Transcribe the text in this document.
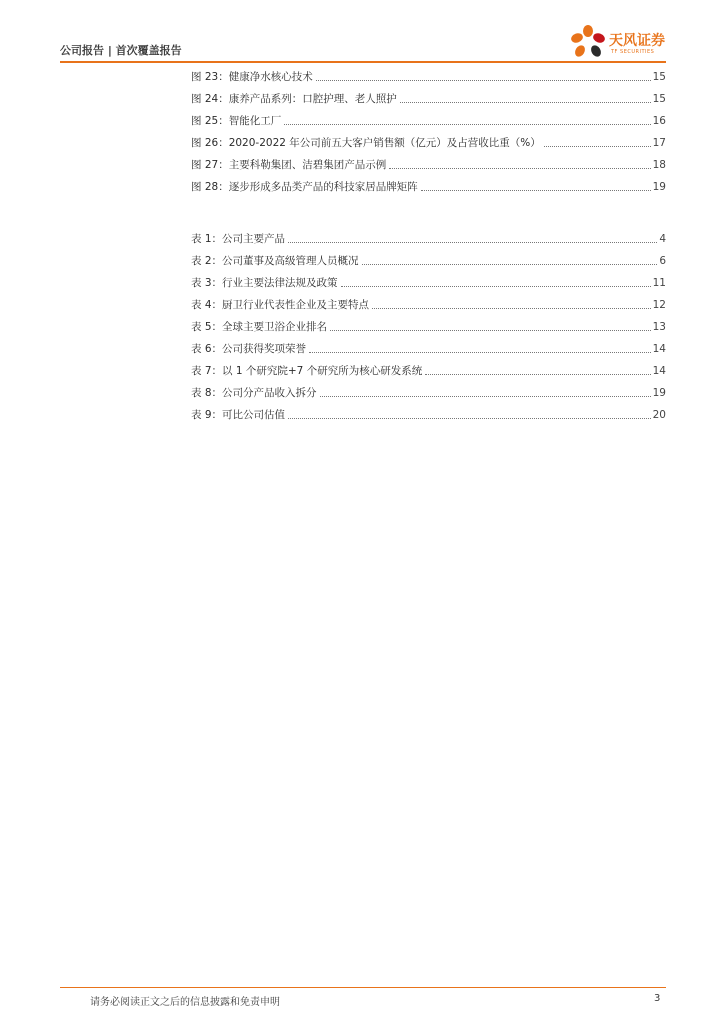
公司报告 | 首次覆盖报告
天风证券
TF SECURITIES
图 23：健康净水核心技术	15
图 24：康养产品系列：口腔护理、老人照护	15
图 25：智能化工厂	16
图 26：2020-2022 年公司前五大客户销售额（亿元）及占营收比重（%）	17
图 27：主要科勒集团、洁碧集团产品示例	18
图 28：逐步形成多品类产品的科技家居品牌矩阵	19
表 1：公司主要产品	4
表 2：公司董事及高级管理人员概况	6
表 3：行业主要法律法规及政策	11
表 4：厨卫行业代表性企业及主要特点	12
表 5：全球主要卫浴企业排名	13
表 6：公司获得奖项荣誉	14
表 7：以 1 个研究院+7 个研究所为核心研发系统	14
表 8：公司分产品收入拆分	19
表 9：可比公司估值	20
请务必阅读正文之后的信息披露和免责申明	3
